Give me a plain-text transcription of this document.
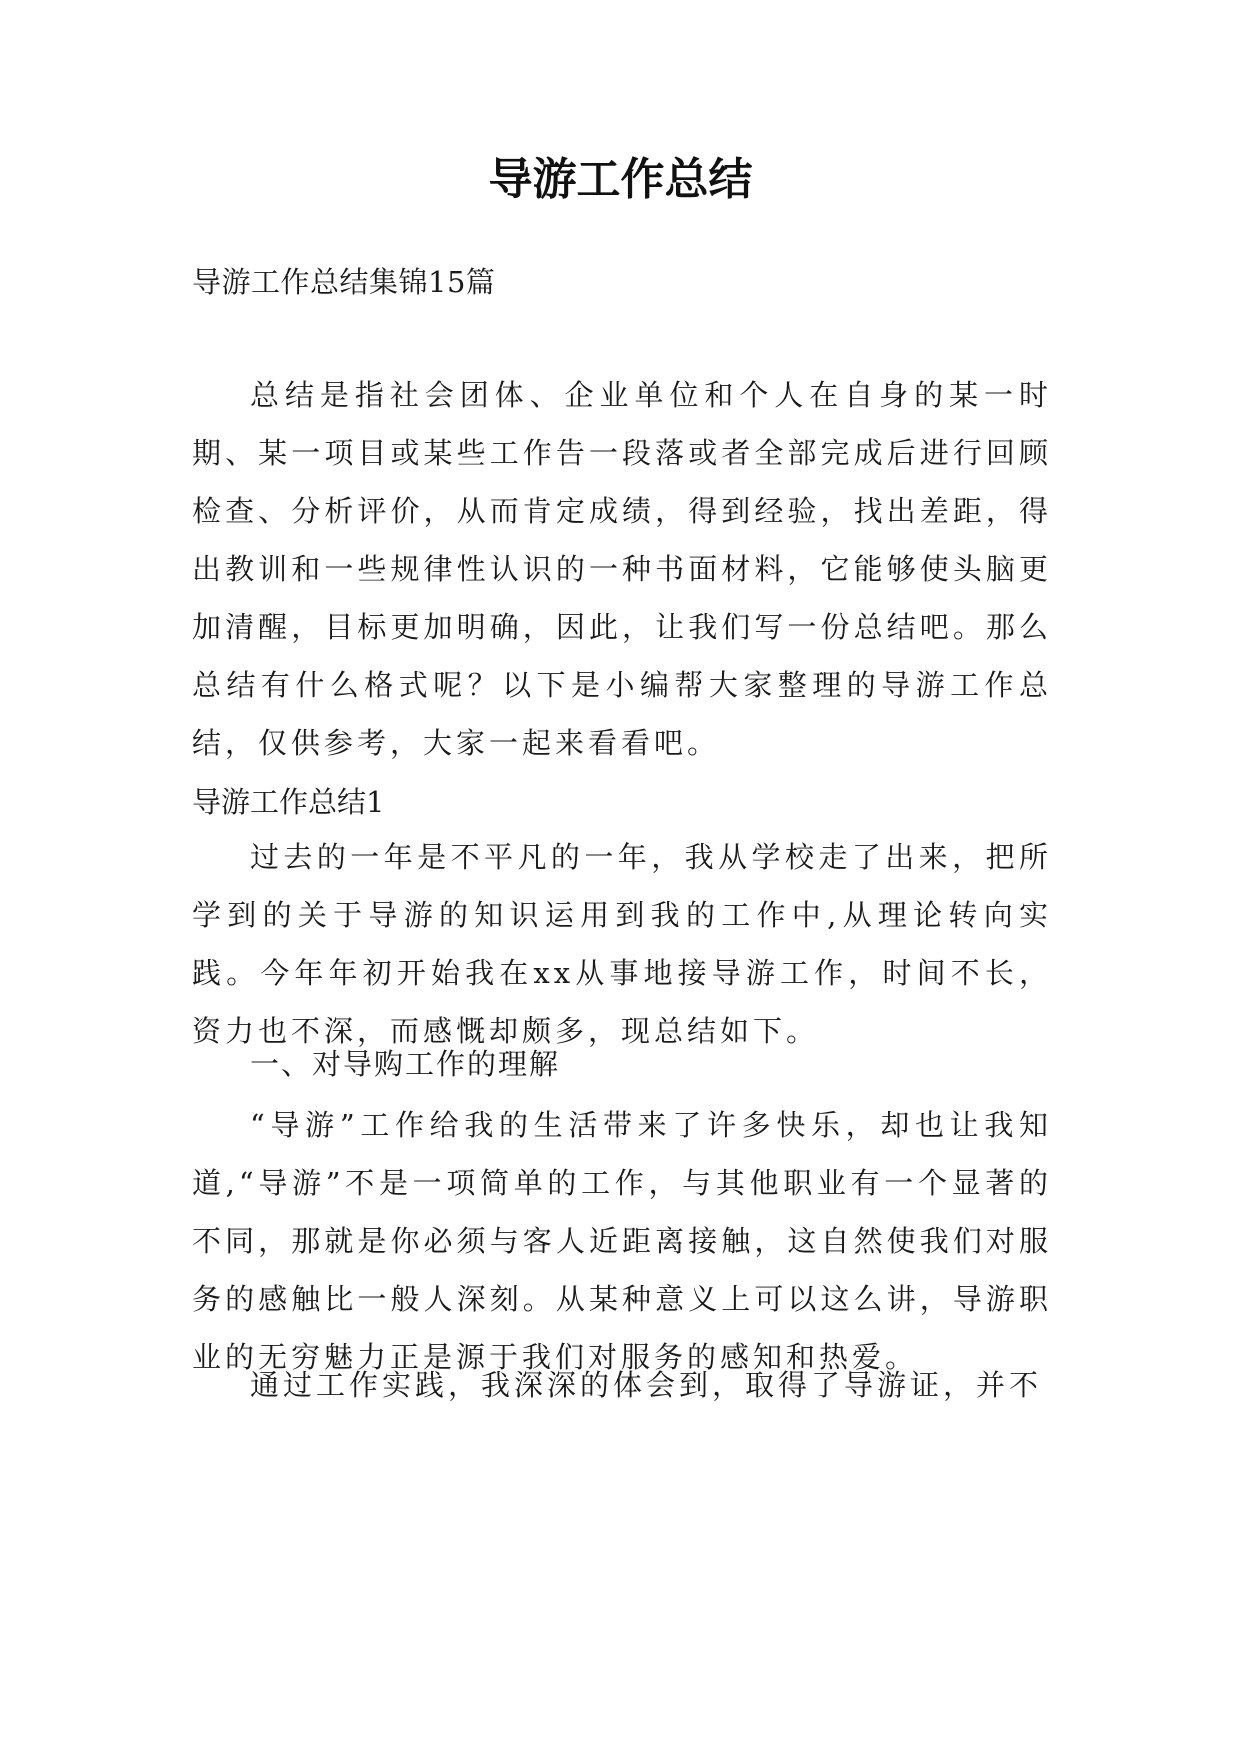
导游工作总结

导游工作总结集锦15篇

总结是指社会团体、企业单位和个人在自身的某一时期、某一项目或某些工作告一段落或者全部完成后进行回顾检查、分析评价，从而肯定成绩，得到经验，找出差距，得出教训和一些规律性认识的一种书面材料，它能够使头脑更加清醒，目标更加明确，因此，让我们写一份总结吧。那么总结有什么格式呢？以下是小编帮大家整理的导游工作总结，仅供参考，大家一起来看看吧。

导游工作总结1

过去的一年是不平凡的一年，我从学校走了出来，把所学到的关于导游的知识运用到我的工作中,从理论转向实践。今年年初开始我在xx从事地接导游工作，时间不长，资力也不深，而感慨却颇多，现总结如下。

一、对导购工作的理解

“导游”工作给我的生活带来了许多快乐，却也让我知道,“导游”不是一项简单的工作，与其他职业有一个显著的不同，那就是你必须与客人近距离接触，这自然使我们对服务的感触比一般人深刻。从某种意义上可以这么讲，导游职业的无穷魅力正是源于我们对服务的感知和热爱。

通过工作实践，我深深的体会到，取得了导游证，并不
